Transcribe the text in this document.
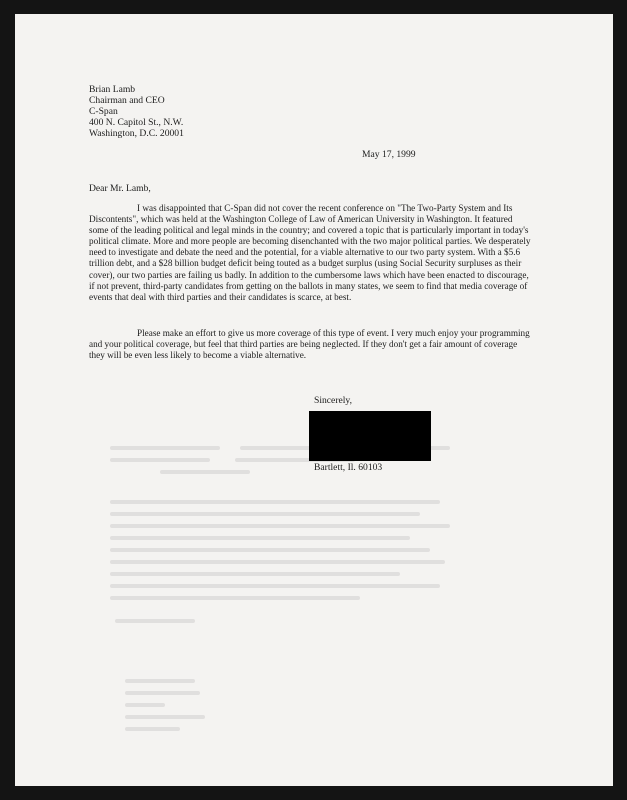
Brian Lamb
Chairman and CEO
C-Span
400 N. Capitol St., N.W.
Washington, D.C. 20001
May 17, 1999
Dear Mr. Lamb,
I was disappointed that C-Span did not cover the recent conference on "The Two-Party System and Its Discontents", which was held at the Washington College of Law of American University in Washington. It featured some of the leading political and legal minds in the country; and covered a topic that is particularly important in today's political climate. More and more people are becoming disenchanted with the two major political parties. We desperately need to investigate and debate the need and the potential, for a viable alternative to our two party system. With a $5.6 trillion debt, and a $28 billion budget deficit being touted as a budget surplus (using Social Security surpluses as their cover), our two parties are failing us badly. In addition to the cumbersome laws which have been enacted to discourage, if not prevent, third-party candidates from getting on the ballots in many states, we seem to find that media coverage of events that deal with third parties and their candidates is scarce, at best.
Please make an effort to give us more coverage of this type of event. I very much enjoy your programming and your political coverage, but feel that third parties are being neglected. If they don't get a fair amount of coverage they will be even less likely to become a viable alternative.
Sincerely,
Bartlett, Il. 60103
